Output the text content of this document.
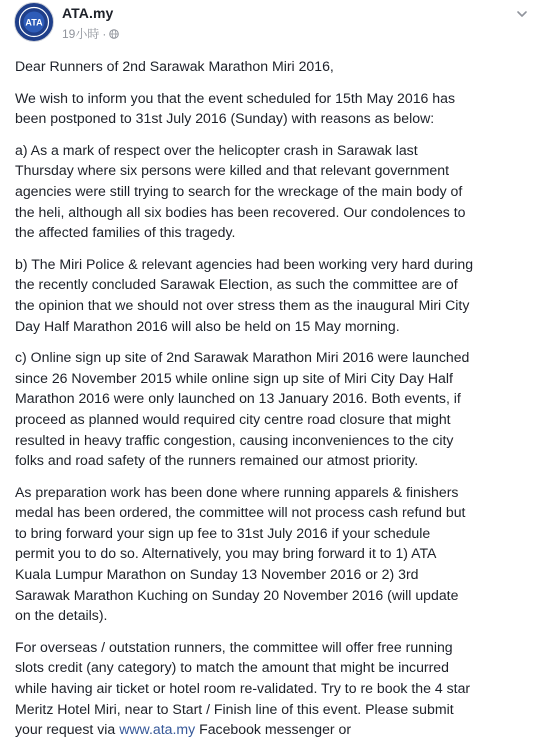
ATA
ATA.my
19小時 ·

Dear Runners of 2nd Sarawak Marathon Miri 2016,

We wish to inform you that the event scheduled for 15th May 2016 has
been postponed to 31st July 2016 (Sunday) with reasons as below:

a) As a mark of respect over the helicopter crash in Sarawak last
Thursday where six persons were killed and that relevant government
agencies were still trying to search for the wreckage of the main body of
the heli, although all six bodies has been recovered. Our condolences to
the affected families of this tragedy.

b) The Miri Police & relevant agencies had been working very hard during
the recently concluded Sarawak Election, as such the committee are of
the opinion that we should not over stress them as the inaugural Miri City
Day Half Marathon 2016 will also be held on 15 May morning.

c) Online sign up site of 2nd Sarawak Marathon Miri 2016 were launched
since 26 November 2015 while online sign up site of Miri City Day Half
Marathon 2016 were only launched on 13 January 2016. Both events, if
proceed as planned would required city centre road closure that might
resulted in heavy traffic congestion, causing inconveniences to the city
folks and road safety of the runners remained our atmost priority.

As preparation work has been done where running apparels & finishers
medal has been ordered, the committee will not process cash refund but
to bring forward your sign up fee to 31st July 2016 if your schedule
permit you to do so. Alternatively, you may bring forward it to 1) ATA
Kuala Lumpur Marathon on Sunday 13 November 2016 or 2) 3rd
Sarawak Marathon Kuching on Sunday 20 November 2016 (will update
on the details).

For overseas / outstation runners, the committee will offer free running
slots credit (any category) to match the amount that might be incurred
while having air ticket or hotel room re-validated. Try to re book the 4 star
Meritz Hotel Miri, near to Start / Finish line of this event. Please submit
your request via www.ata.my Facebook messenger or
